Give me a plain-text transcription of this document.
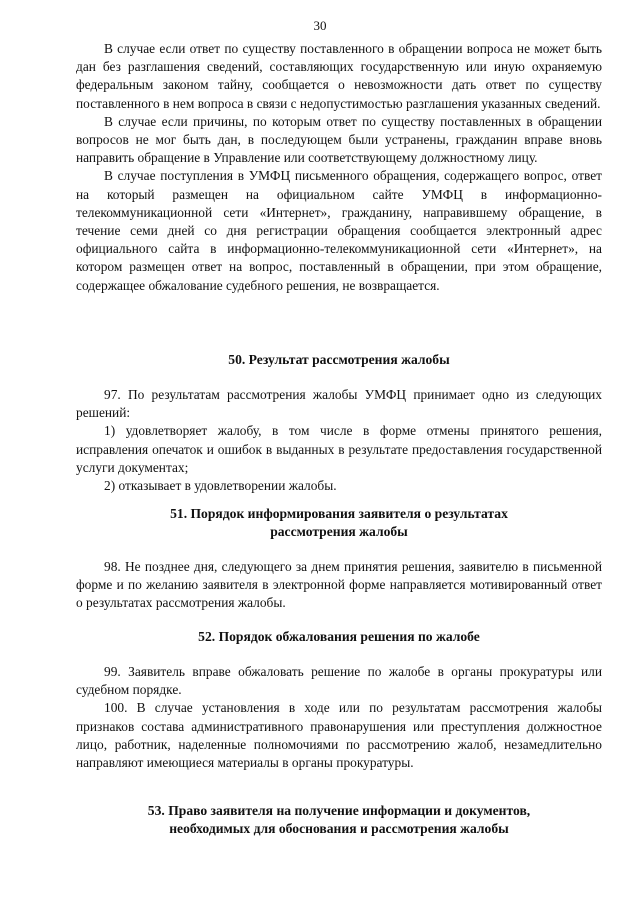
30

В случае если ответ по существу поставленного в обращении вопроса не может быть дан без разглашения сведений, составляющих государственную или иную охраняемую федеральным законом тайну, сообщается о невозможности дать ответ по существу поставленного в нем вопроса в связи с недопустимостью разглашения указанных сведений.

В случае если причины, по которым ответ по существу поставленных в обращении вопросов не мог быть дан, в последующем были устранены, гражданин вправе вновь направить обращение в Управление или соответствующему должностному лицу.

В случае поступления в УМФЦ письменного обращения, содержащего вопрос, ответ на который размещен на официальном сайте УМФЦ в информационно-телекоммуникационной сети «Интернет», гражданину, направившему обращение, в течение семи дней со дня регистрации обращения сообщается электронный адрес официального сайта в информационно-телекоммуникационной сети «Интернет», на котором размещен ответ на вопрос, поставленный в обращении, при этом обращение, содержащее обжалование судебного решения, не возвращается.

50. Результат рассмотрения жалобы

97. По результатам рассмотрения жалобы УМФЦ принимает одно из следующих решений:

1) удовлетворяет жалобу, в том числе в форме отмены принятого решения, исправления опечаток и ошибок в выданных в результате предоставления государственной услуги документах;

2) отказывает в удовлетворении жалобы.

51. Порядок информирования заявителя о результатах
рассмотрения жалобы

98. Не позднее дня, следующего за днем принятия решения, заявителю в письменной форме и по желанию заявителя в электронной форме направляется мотивированный ответ о результатах рассмотрения жалобы.

52. Порядок обжалования решения по жалобе

99. Заявитель вправе обжаловать решение по жалобе в органы прокуратуры или судебном порядке.

100. В случае установления в ходе или по результатам рассмотрения жалобы признаков состава административного правонарушения или преступления должностное лицо, работник, наделенные полномочиями по рассмотрению жалоб, незамедлительно направляют имеющиеся материалы в органы прокуратуры.

53. Право заявителя на получение информации и документов,
необходимых для обоснования и рассмотрения жалобы
